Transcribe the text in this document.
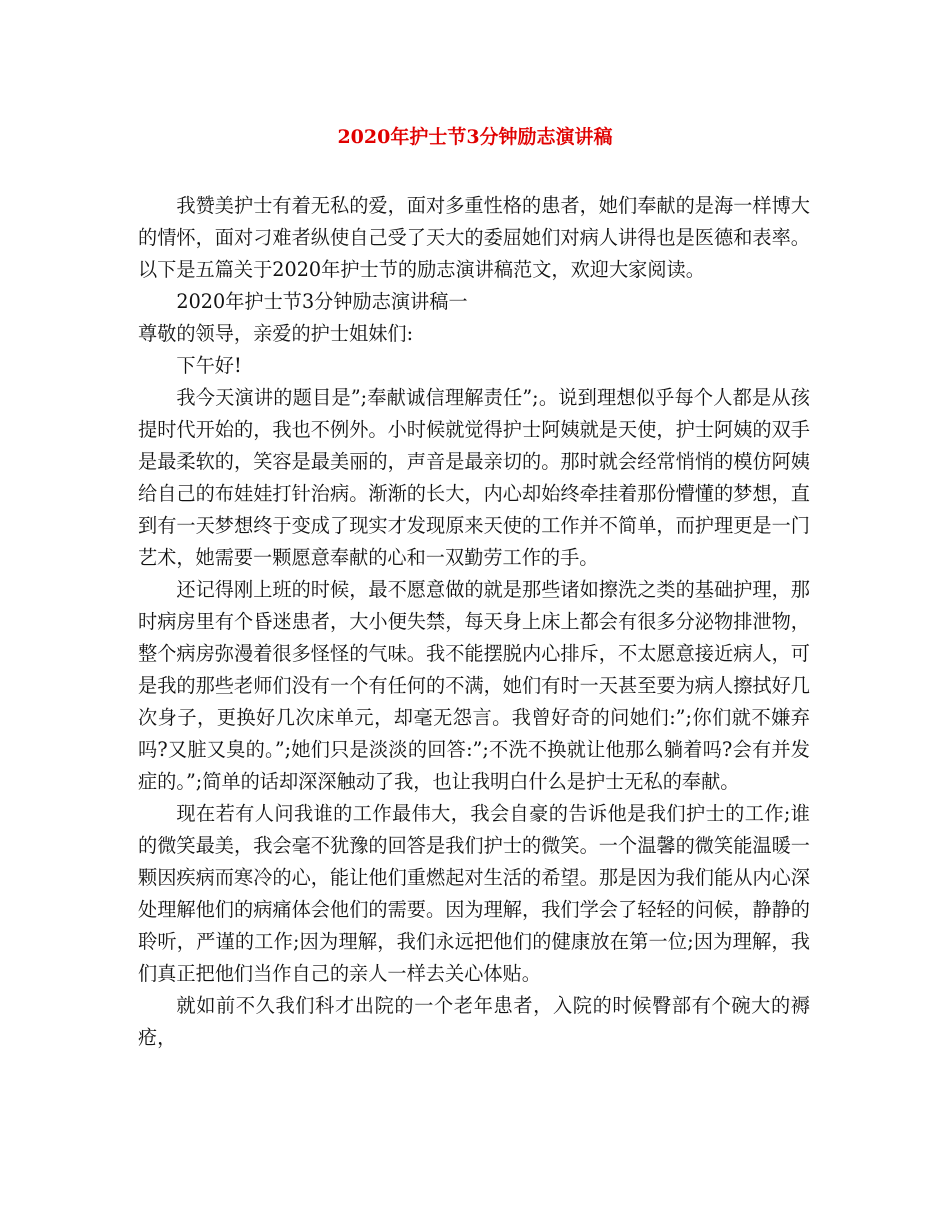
2020年护士节3分钟励志演讲稿

我赞美护士有着无私的爱，面对多重性格的患者，她们奉献的是海一样博大的情怀，面对刁难者纵使自己受了天大的委屈她们对病人讲得也是医德和表率。以下是五篇关于2020年护士节的励志演讲稿范文，欢迎大家阅读。

2020年护士节3分钟励志演讲稿一

尊敬的领导，亲爱的护士姐妹们:

下午好!

我今天演讲的题目是”;奉献诚信理解责任”;。说到理想似乎每个人都是从孩提时代开始的，我也不例外。小时候就觉得护士阿姨就是天使，护士阿姨的双手是最柔软的，笑容是最美丽的，声音是最亲切的。那时就会经常悄悄的模仿阿姨给自己的布娃娃打针治病。渐渐的长大，内心却始终牵挂着那份懵懂的梦想，直到有一天梦想终于变成了现实才发现原来天使的工作并不简单，而护理更是一门艺术，她需要一颗愿意奉献的心和一双勤劳工作的手。

还记得刚上班的时候，最不愿意做的就是那些诸如擦洗之类的基础护理，那时病房里有个昏迷患者，大小便失禁，每天身上床上都会有很多分泌物排泄物，整个病房弥漫着很多怪怪的气味。我不能摆脱内心排斥，不太愿意接近病人，可是我的那些老师们没有一个有任何的不满，她们有时一天甚至要为病人擦拭好几次身子，更换好几次床单元，却毫无怨言。我曾好奇的问她们:”;你们就不嫌弃吗?又脏又臭的。”;她们只是淡淡的回答:”;不洗不换就让他那么躺着吗?会有并发症的。”;简单的话却深深触动了我，也让我明白什么是护士无私的奉献。

现在若有人问我谁的工作最伟大，我会自豪的告诉他是我们护士的工作;谁的微笑最美，我会毫不犹豫的回答是我们护士的微笑。一个温馨的微笑能温暖一颗因疾病而寒冷的心，能让他们重燃起对生活的希望。那是因为我们能从内心深处理解他们的病痛体会他们的需要。因为理解，我们学会了轻轻的问候，静静的聆听，严谨的工作;因为理解，我们永远把他们的健康放在第一位;因为理解，我们真正把他们当作自己的亲人一样去关心体贴。

就如前不久我们科才出院的一个老年患者，入院的时候臀部有个碗大的褥疮，
